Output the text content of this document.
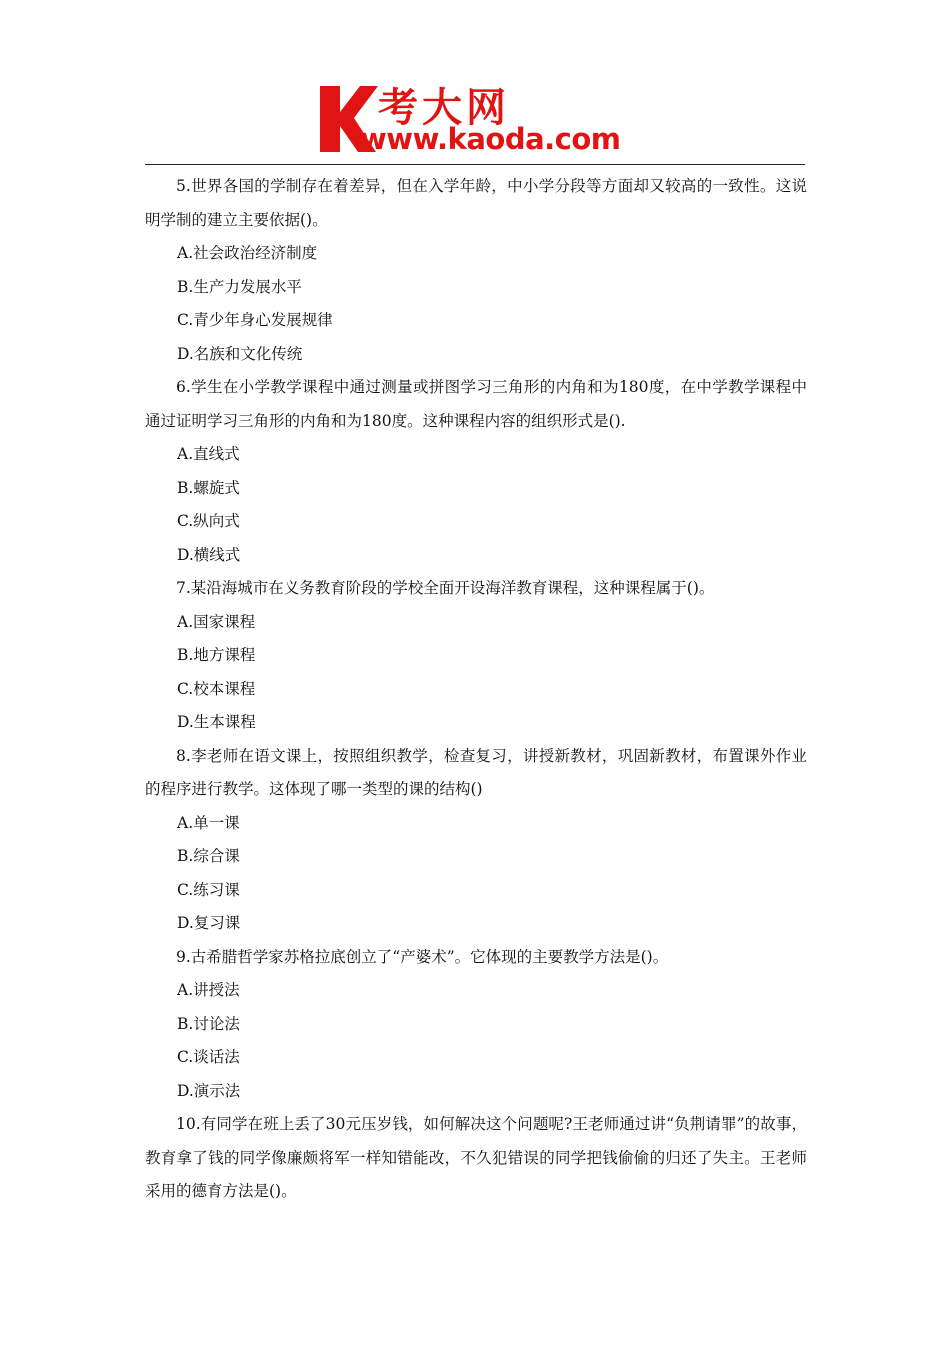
考大网
www.kaoda.com

5.世界各国的学制存在着差异，但在入学年龄，中小学分段等方面却又较高的一致性。这说明学制的建立主要依据()。

A.社会政治经济制度

B.生产力发展水平

C.青少年身心发展规律

D.名族和文化传统

6.学生在小学教学课程中通过测量或拼图学习三角形的内角和为180度，在中学教学课程中通过证明学习三角形的内角和为180度。这种课程内容的组织形式是().

A.直线式

B.螺旋式

C.纵向式

D.横线式

7.某沿海城市在义务教育阶段的学校全面开设海洋教育课程，这种课程属于()。

A.国家课程

B.地方课程

C.校本课程

D.生本课程

8.李老师在语文课上，按照组织教学，检查复习，讲授新教材，巩固新教材，布置课外作业的程序进行教学。这体现了哪一类型的课的结构()

A.单一课

B.综合课

C.练习课

D.复习课

9.古希腊哲学家苏格拉底创立了“产婆术”。它体现的主要教学方法是()。

A.讲授法

B.讨论法

C.谈话法

D.演示法

10.有同学在班上丢了30元压岁钱，如何解决这个问题呢?王老师通过讲“负荆请罪”的故事，教育拿了钱的同学像廉颇将军一样知错能改，不久犯错误的同学把钱偷偷的归还了失主。王老师采用的德育方法是()。
